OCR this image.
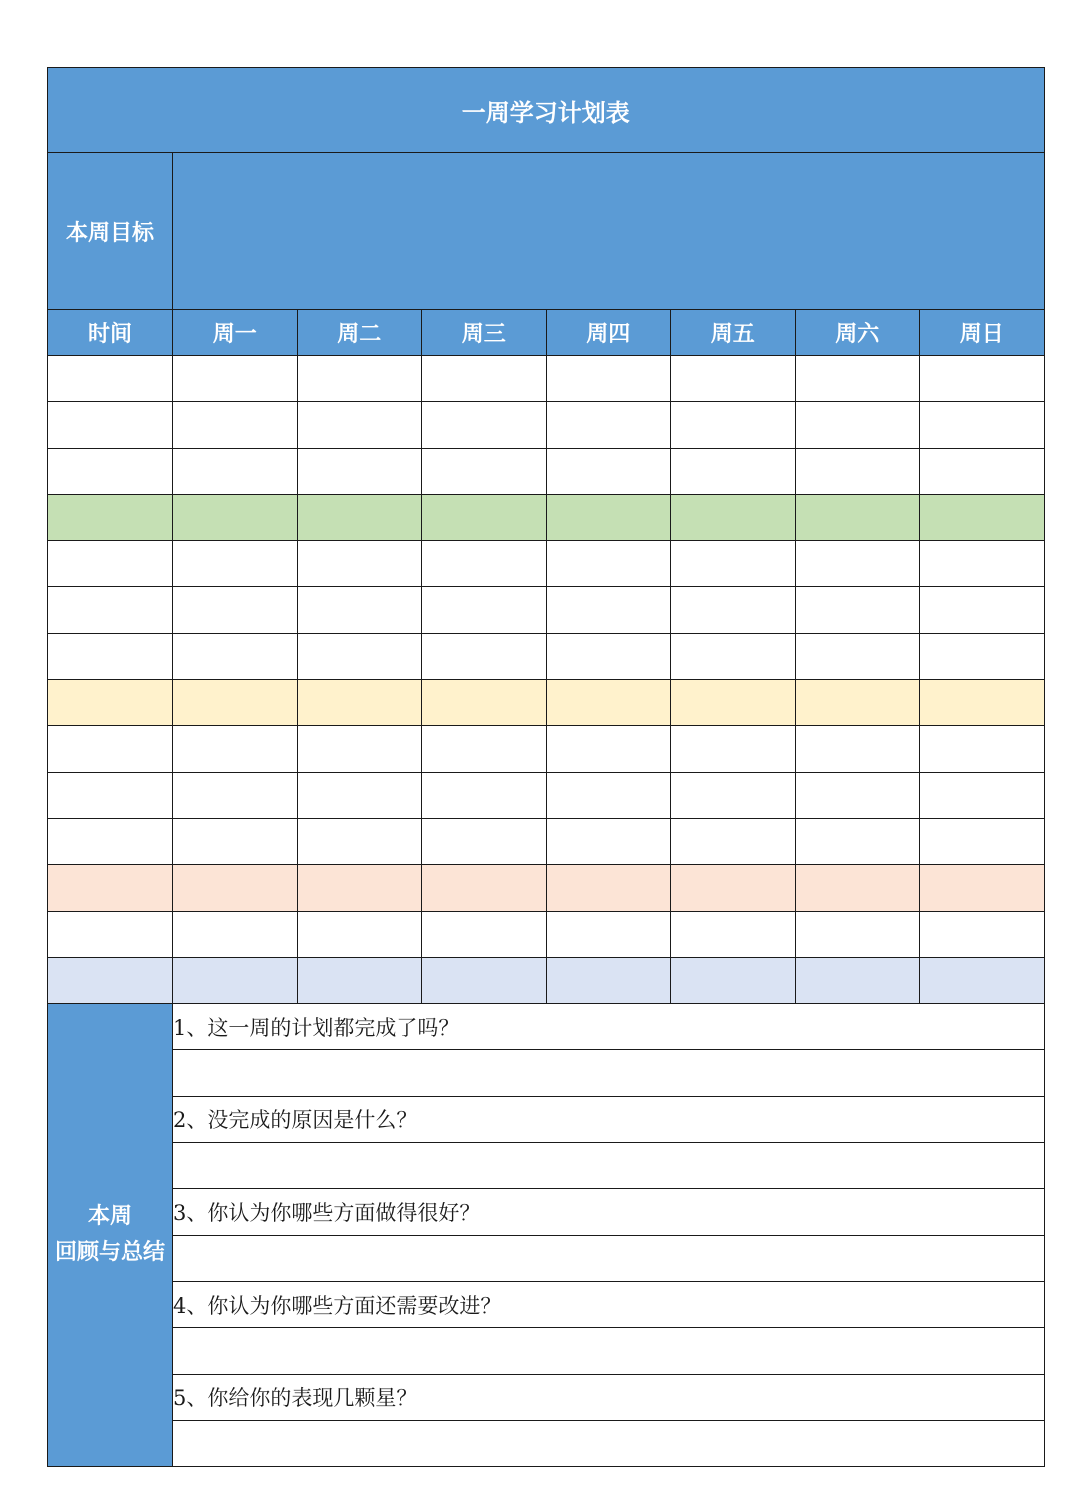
一周学习计划表							
本周目标							
时间	周一	周二	周三	周四	周五	周六	周日

本周
回顾与总结	1、这一周的计划都完成了吗？						

	2、没完成的原因是什么？						

	3、你认为你哪些方面做得很好？						

	4、你认为你哪些方面还需要改进？						

	5、你给你的表现几颗星？						
